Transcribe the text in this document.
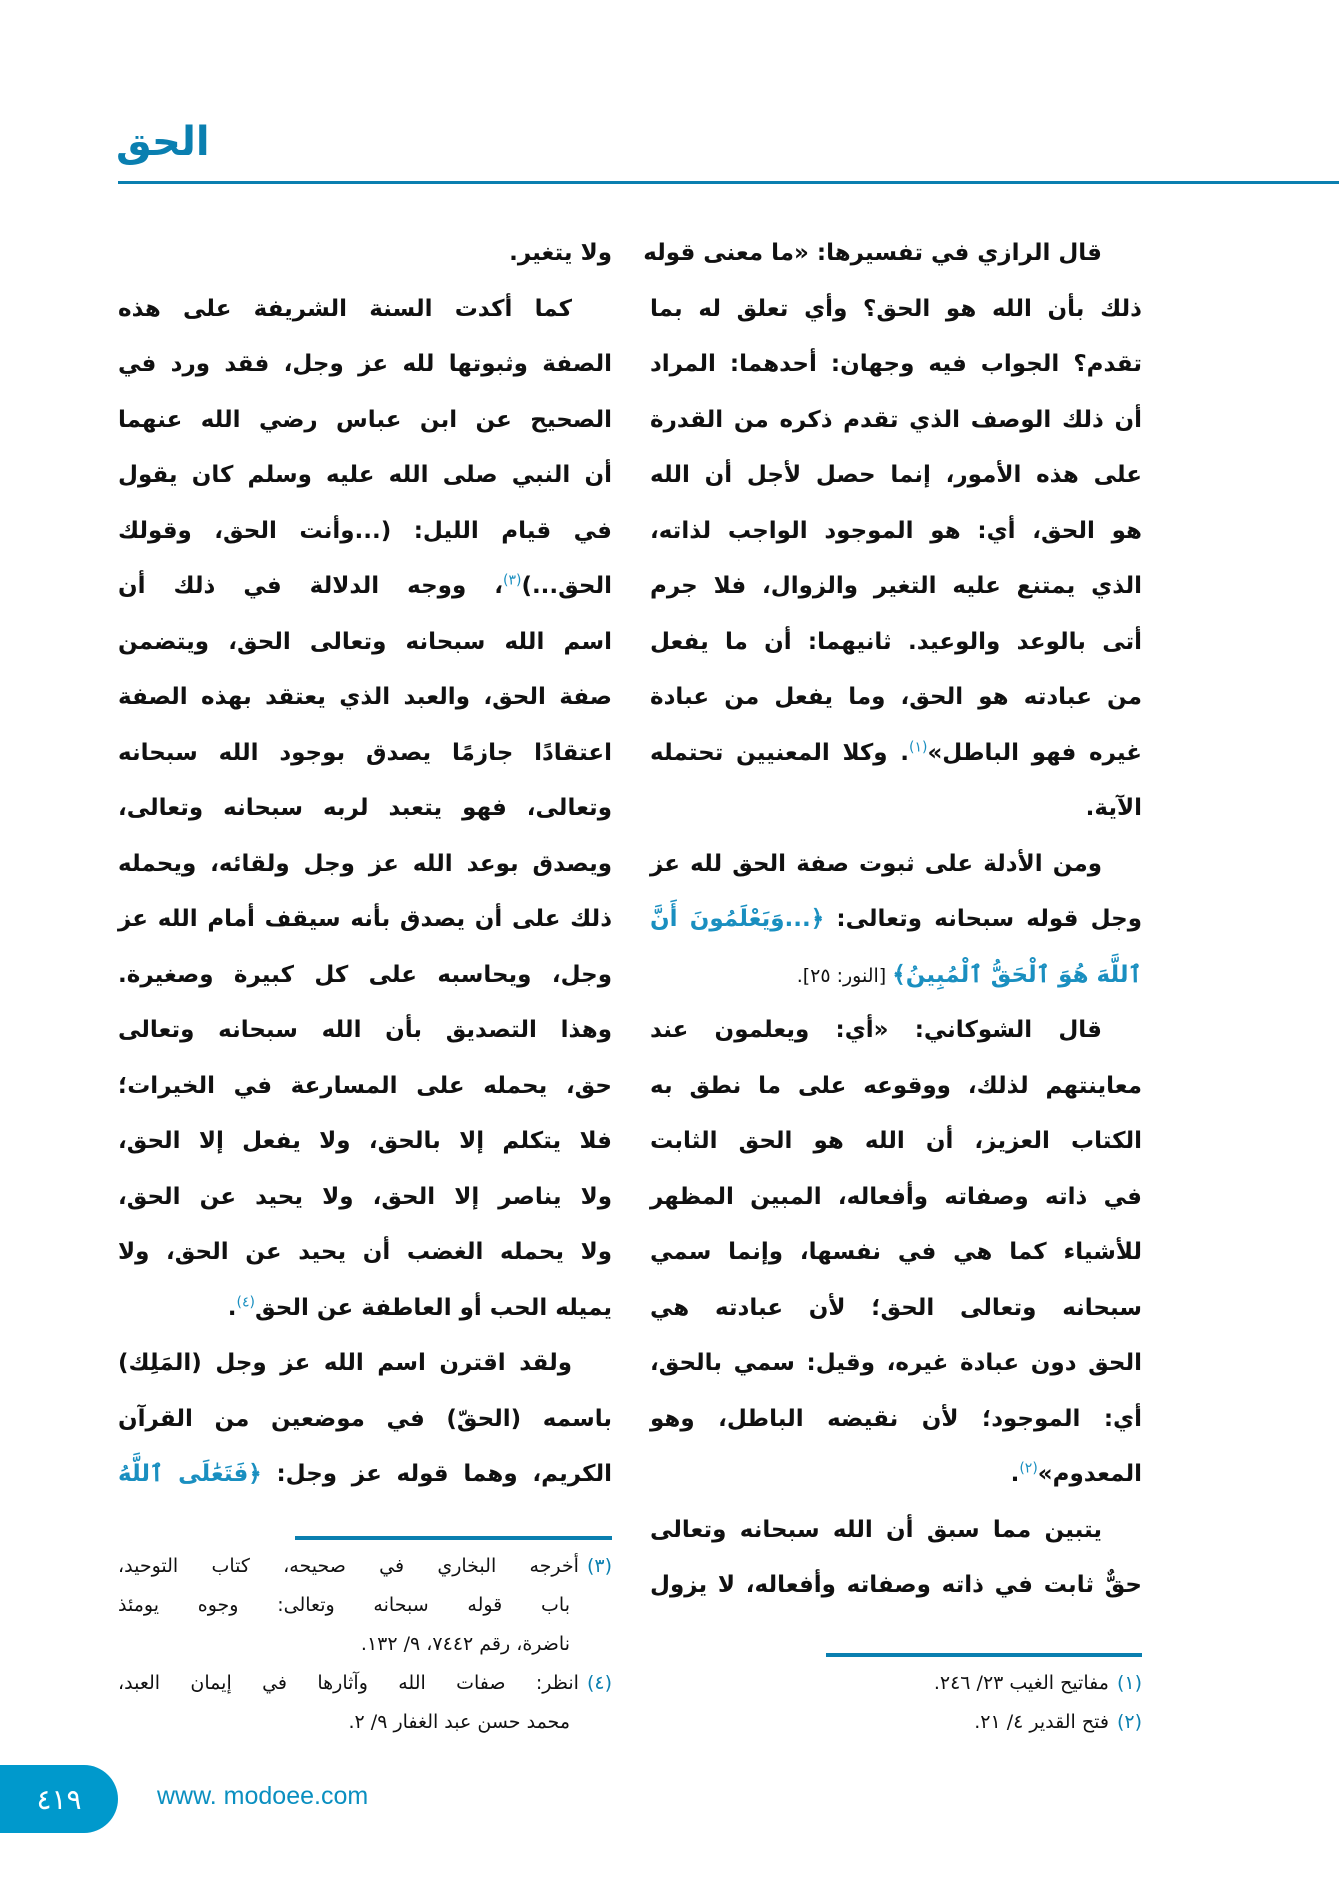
الحق
قال الرازي في تفسيرها: «ما معنى قوله
ذلك بأن الله هو الحق؟ وأي تعلق له بما
تقدم؟ الجواب فيه وجهان: أحدهما: المراد
أن ذلك الوصف الذي تقدم ذكره من القدرة
على هذه الأمور، إنما حصل لأجل أن الله
هو الحق، أي: هو الموجود الواجب لذاته،
الذي يمتنع عليه التغير والزوال، فلا جرم
أتى بالوعد والوعيد. ثانيهما: أن ما يفعل
من عبادته هو الحق، وما يفعل من عبادة
غيره فهو الباطل»$^{(١)}$. وكلا المعنيين تحتمله
الآية.
ومن الأدلة على ثبوت صفة الحق لله عز
وجل قوله سبحانه وتعالى: ﴿...وَيَعْلَمُونَ أَنَّ
ٱللَّهَ هُوَ ٱلْحَقُّ ٱلْمُبِينُ﴾ [النور: ٢٥].
قال الشوكاني: «أي: ويعلمون عند
معاينتهم لذلك، ووقوعه على ما نطق به
الكتاب العزيز، أن الله هو الحق الثابت
في ذاته وصفاته وأفعاله، المبين المظهر
للأشياء كما هي في نفسها، وإنما سمي
سبحانه وتعالى الحق؛ لأن عبادته هي
الحق دون عبادة غيره، وقيل: سمي بالحق،
أي: الموجود؛ لأن نقيضه الباطل، وهو
المعدوم»$^{(٢)}$.
يتبين مما سبق أن الله سبحانه وتعالى
حقٌّ ثابت في ذاته وصفاته وأفعاله، لا يزول
ولا يتغير.
كما أكدت السنة الشريفة على هذه
الصفة وثبوتها لله عز وجل، فقد ورد في
الصحيح عن ابن عباس رضي الله عنهما
أن النبي صلى الله عليه وسلم كان يقول
في قيام الليل: (...وأنت الحق، وقولك
الحق...)$^{(٣)}$، ووجه الدلالة في ذلك أن
اسم الله سبحانه وتعالى الحق، ويتضمن
صفة الحق، والعبد الذي يعتقد بهذه الصفة
اعتقادًا جازمًا يصدق بوجود الله سبحانه
وتعالى، فهو يتعبد لربه سبحانه وتعالى،
ويصدق بوعد الله عز وجل ولقائه، ويحمله
ذلك على أن يصدق بأنه سيقف أمام الله عز
وجل، ويحاسبه على كل كبيرة وصغيرة.
وهذا التصديق بأن الله سبحانه وتعالى
حق، يحمله على المسارعة في الخيرات؛
فلا يتكلم إلا بالحق، ولا يفعل إلا الحق،
ولا يناصر إلا الحق، ولا يحيد عن الحق،
ولا يحمله الغضب أن يحيد عن الحق، ولا
يميله الحب أو العاطفة عن الحق$^{(٤)}$.
ولقد اقترن اسم الله عز وجل (المَلِك)
باسمه (الحقّ) في موضعين من القرآن
الكريم، وهما قوله عز وجل: ﴿فَتَعَٰلَى ٱللَّهُ
(١)مفاتيح الغيب ٢٣/ ٢٤٦.
(٢)فتح القدير ٤/ ٢١.
(٣)أخرجه البخاري في صحيحه، كتاب التوحيد،
باب قوله سبحانه وتعالى: وجوه يومئذ
ناضرة، رقم ٧٤٤٢، ٩/ ١٣٢.
(٤)انظر: صفات الله وآثارها في إيمان العبد،
محمد حسن عبد الغفار ٩/ ٢.
٤١٩	www. modoee.com
